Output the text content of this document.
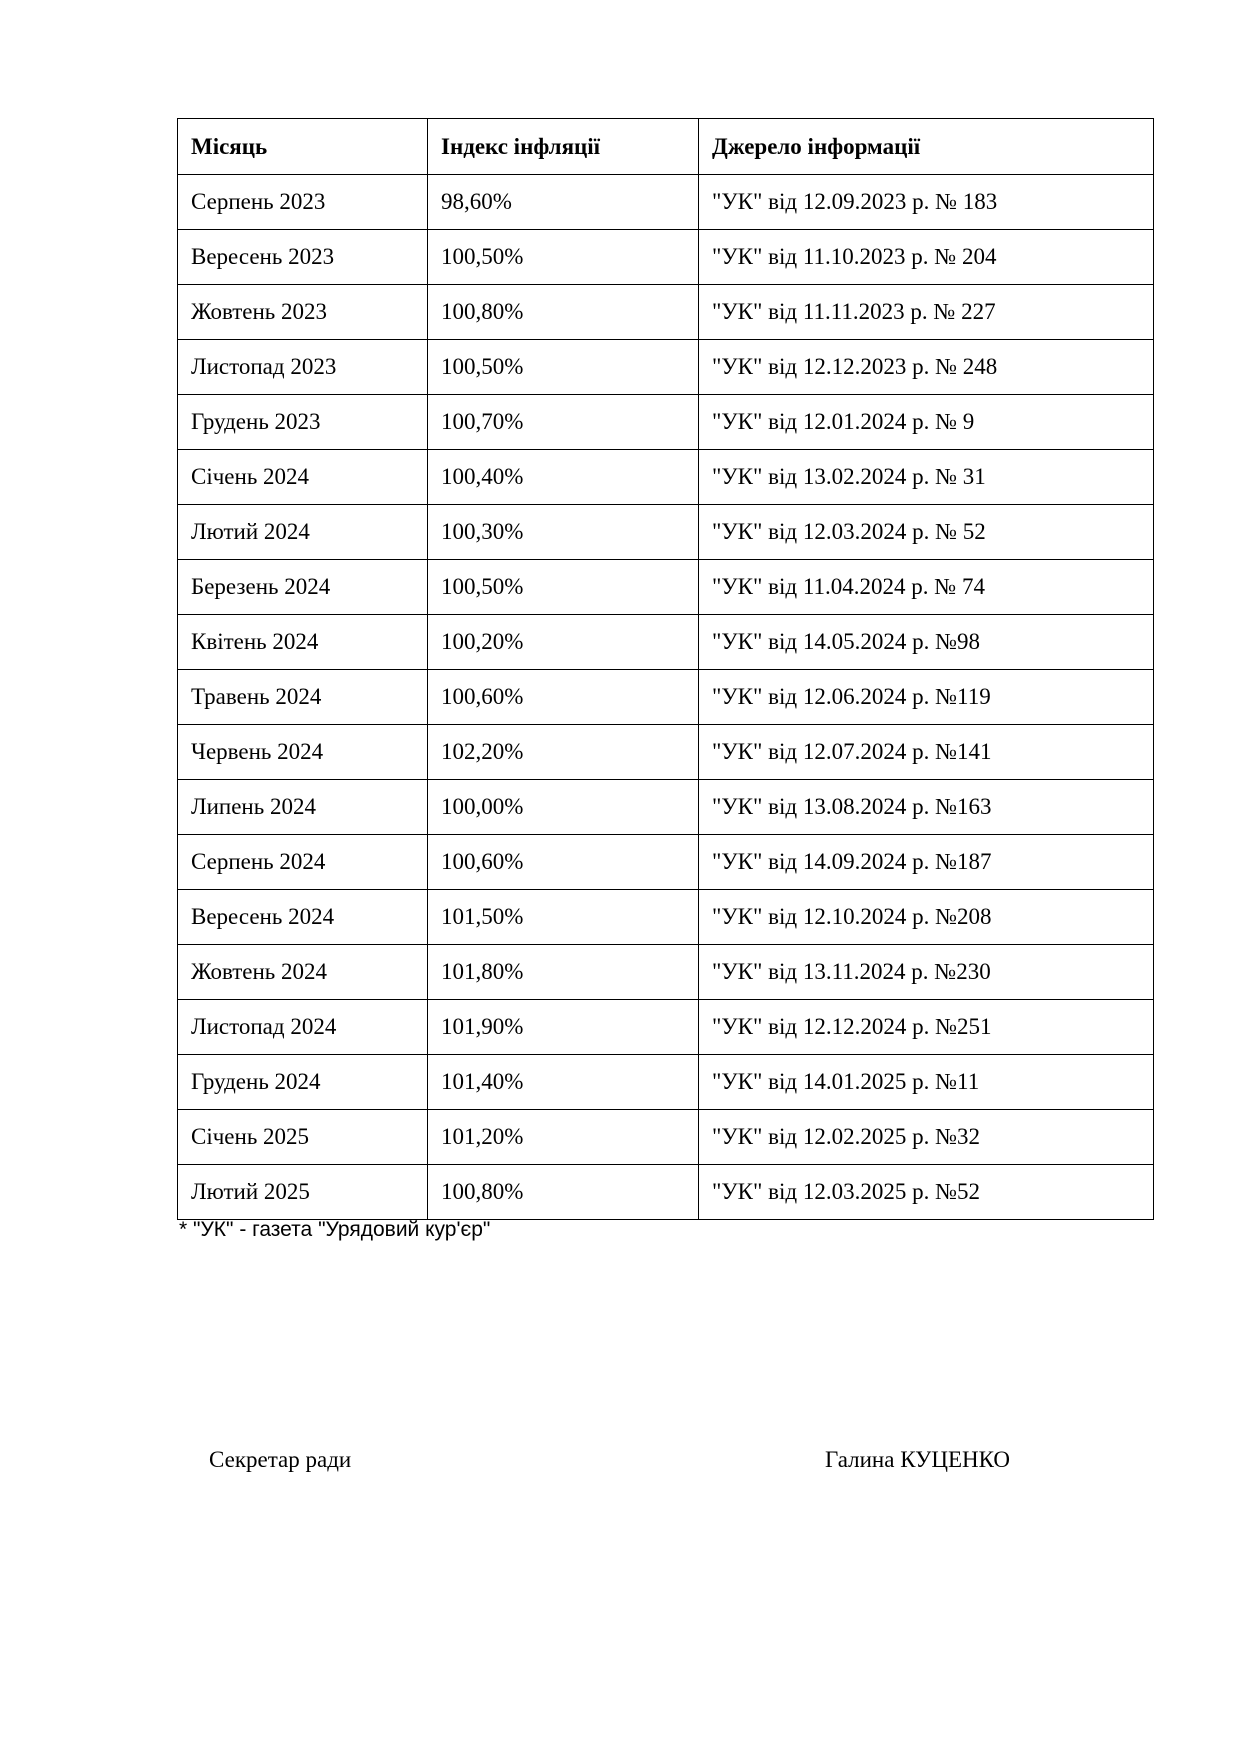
Місяць	Індекс інфляції	Джерело інформації
Серпень 2023	98,60%	"УК" від 12.09.2023 р. № 183
Вересень 2023	100,50%	"УК" від 11.10.2023 р. № 204
Жовтень 2023	100,80%	"УК" від 11.11.2023 р. № 227
Листопад 2023	100,50%	"УК" від 12.12.2023 р. № 248
Грудень 2023	100,70%	"УК" від 12.01.2024 р. № 9
Січень 2024	100,40%	"УК" від 13.02.2024 р. № 31
Лютий 2024	100,30%	"УК" від 12.03.2024 р. № 52
Березень 2024	100,50%	"УК" від 11.04.2024 р. № 74
Квітень 2024	100,20%	"УК" від 14.05.2024 р. №98
Травень 2024	100,60%	"УК" від 12.06.2024 р. №119
Червень 2024	102,20%	"УК" від 12.07.2024 р. №141
Липень 2024	100,00%	"УК" від 13.08.2024 р. №163
Серпень 2024	100,60%	"УК" від 14.09.2024 р. №187
Вересень 2024	101,50%	"УК" від 12.10.2024 р. №208
Жовтень 2024	101,80%	"УК" від 13.11.2024 р. №230
Листопад 2024	101,90%	"УК" від 12.12.2024 р. №251
Грудень 2024	101,40%	"УК" від 14.01.2025 р. №11
Січень 2025	101,20%	"УК" від 12.02.2025 р. №32
Лютий 2025	100,80%	"УК" від 12.03.2025 р. №52
* "УК" - газета "Урядовий кур'єр"
Секретар ради	Галина КУЦЕНКО
